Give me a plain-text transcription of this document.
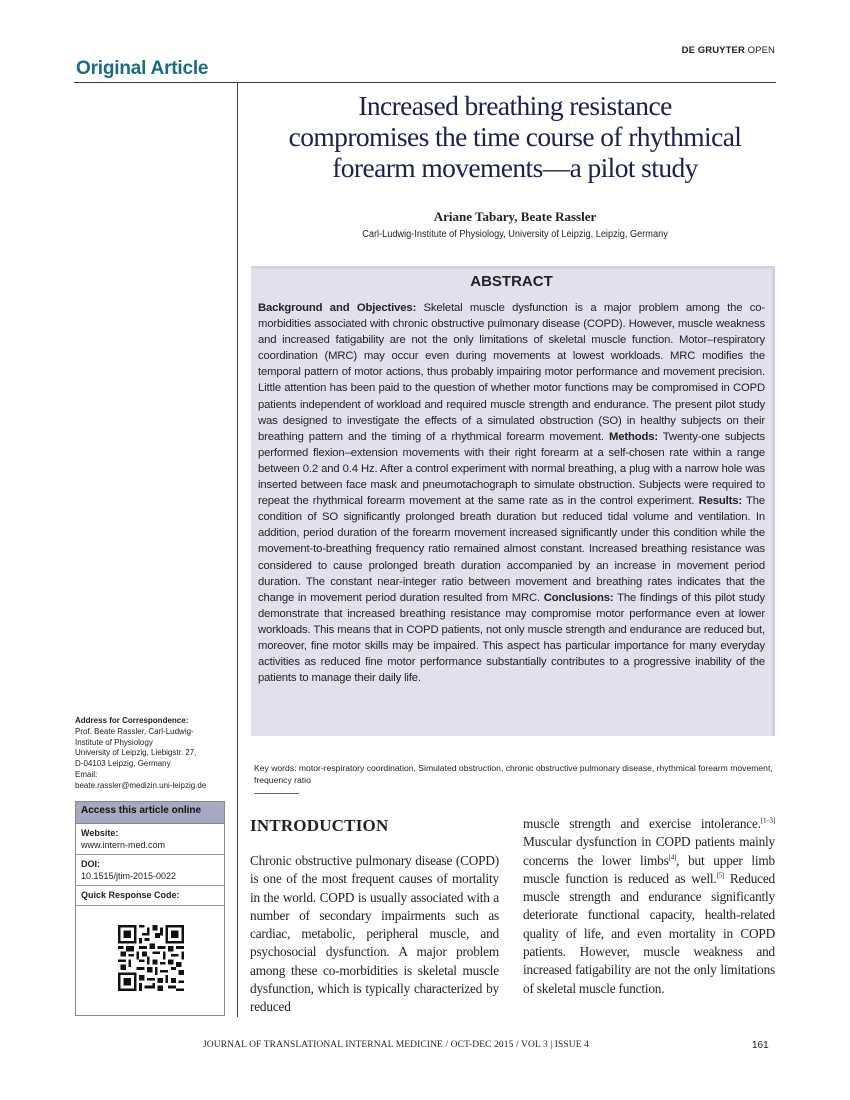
DE GRUYTER OPEN
Original Article
Increased breathing resistance
compromises the time course of rhythmical
forearm movements—a pilot study
Ariane Tabary, Beate Rassler
Carl-Ludwig-Institute of Physiology, University of Leipzig, Leipzig, Germany
ABSTRACT
Background and Objectives: Skeletal muscle dysfunction is a major problem among the co-morbidities associated with chronic obstructive pulmonary disease (COPD). However, muscle weakness and increased fatigability are not the only limitations of skeletal muscle function. Motor–respiratory coordination (MRC) may occur even during movements at lowest workloads. MRC modifies the temporal pattern of motor actions, thus probably impairing motor performance and movement precision. Little attention has been paid to the question of whether motor functions may be compromised in COPD patients independent of workload and required muscle strength and endurance. The present pilot study was designed to investigate the effects of a simulated obstruction (SO) in healthy subjects on their breathing pattern and the timing of a rhythmical forearm movement. Methods: Twenty-one subjects performed flexion–extension movements with their right forearm at a self-chosen rate within a range between 0.2 and 0.4 Hz. After a control experiment with normal breathing, a plug with a narrow hole was inserted between face mask and pneumotachograph to simulate obstruction. Subjects were required to repeat the rhythmical forearm movement at the same rate as in the control experiment. Results: The condition of SO significantly prolonged breath duration but reduced tidal volume and ventilation. In addition, period duration of the forearm movement increased significantly under this condition while the movement-to-breathing frequency ratio remained almost constant. Increased breathing resistance was considered to cause prolonged breath duration accompanied by an increase in movement period duration. The constant near-integer ratio between movement and breathing rates indicates that the change in movement period duration resulted from MRC. Conclusions: The findings of this pilot study demonstrate that increased breathing resistance may compromise motor performance even at lower workloads. This means that in COPD patients, not only muscle strength and endurance are reduced but, moreover, fine motor skills may be impaired. This aspect has particular importance for many everyday activities as reduced fine motor performance substantially contributes to a progressive inability of the patients to manage their daily life.
Key words: motor-respiratory coordination, Simulated obstruction, chronic obstructive pulmonary disease, rhythmical forearm movement, frequency ratio
Address for Correspondence:
Prof. Beate Rassler, Carl-Ludwig-
Institute of Physiology
University of Leipzig, Liebigstr. 27,
D-04103 Leipzig, Germany
Email:
beate.rassler@medizin.uni-leipzig.de
Access this article online
Website:
www.intern-med.com
DOI:
10.1515/jtim-2015-0022
Quick Response Code:
INTRODUCTION
Chronic obstructive pulmonary disease (COPD) is one of the most frequent causes of mortality in the world. COPD is usually associated with a number of secondary impairments such as cardiac, metabolic, peripheral muscle, and psychosocial dysfunction. A major problem among these co-morbidities is skeletal muscle dysfunction, which is typically characterized by reduced
muscle strength and exercise intolerance.[1–3] Muscular dysfunction in COPD patients mainly concerns the lower limbs[4], but upper limb muscle function is reduced as well.[5] Reduced muscle strength and endurance significantly deteriorate functional capacity, health-related quality of life, and even mortality in COPD patients. However, muscle weakness and increased fatigability are not the only limitations of skeletal muscle function.
JOURNAL OF TRANSLATIONAL INTERNAL MEDICINE / OCT-DEC 2015 / VOL 3 | ISSUE 4	161
